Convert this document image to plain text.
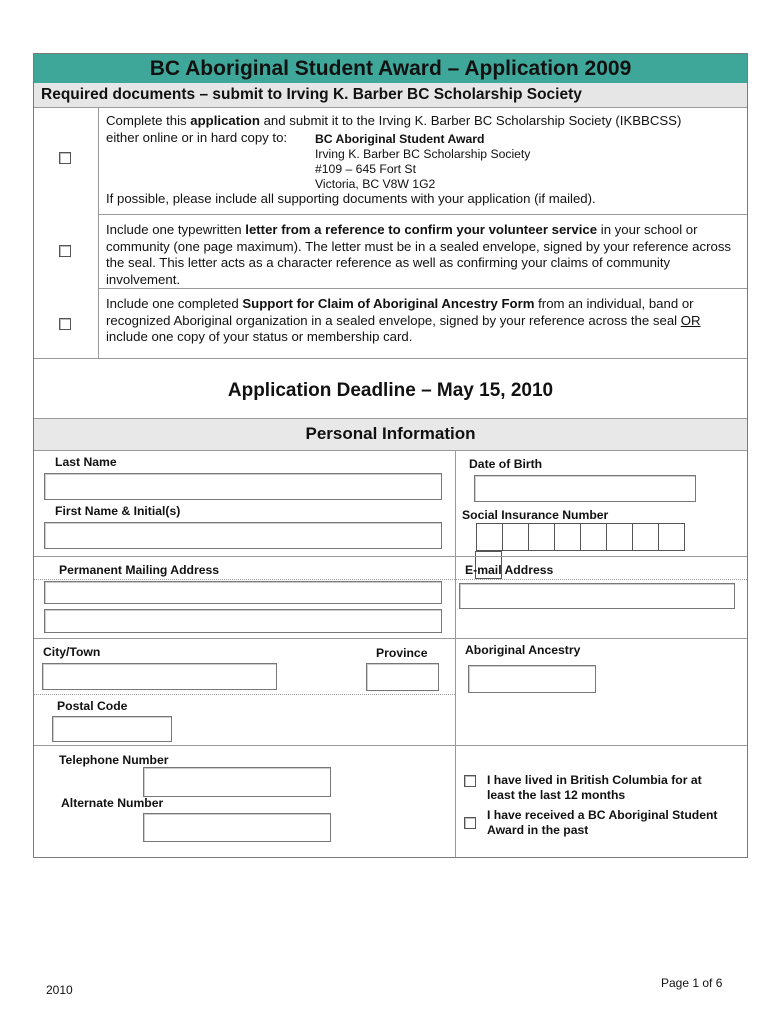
BC Aboriginal Student Award – Application 2009
Required documents – submit to Irving K. Barber BC Scholarship Society
Complete this application and submit it to the Irving K. Barber BC Scholarship Society (IKBBCSS)
either online or in hard copy to: BC Aboriginal Student Award
Irving K. Barber BC Scholarship Society
#109 – 645 Fort St
Victoria, BC V8W 1G2
If possible, please include all supporting documents with your application (if mailed).
Include one typewritten letter from a reference to confirm your volunteer service in your school or community (one page maximum). The letter must be in a sealed envelope, signed by your reference across the seal. This letter acts as a character reference as well as confirming your claims of community involvement.
Include one completed Support for Claim of Aboriginal Ancestry Form from an individual, band or recognized Aboriginal organization in a sealed envelope, signed by your reference across the seal OR include one copy of your status or membership card.
Application Deadline – May 15, 2010
Personal Information
Last Name	Date of Birth
First Name & Initial(s)	Social Insurance Number
Permanent Mailing Address	E-mail Address
City/Town	Province	Aboriginal Ancestry
Postal Code
Telephone Number
Alternate Number
I have lived in British Columbia for at least the last 12 months
I have received a BC Aboriginal Student Award in the past
2010	Page 1 of 6
